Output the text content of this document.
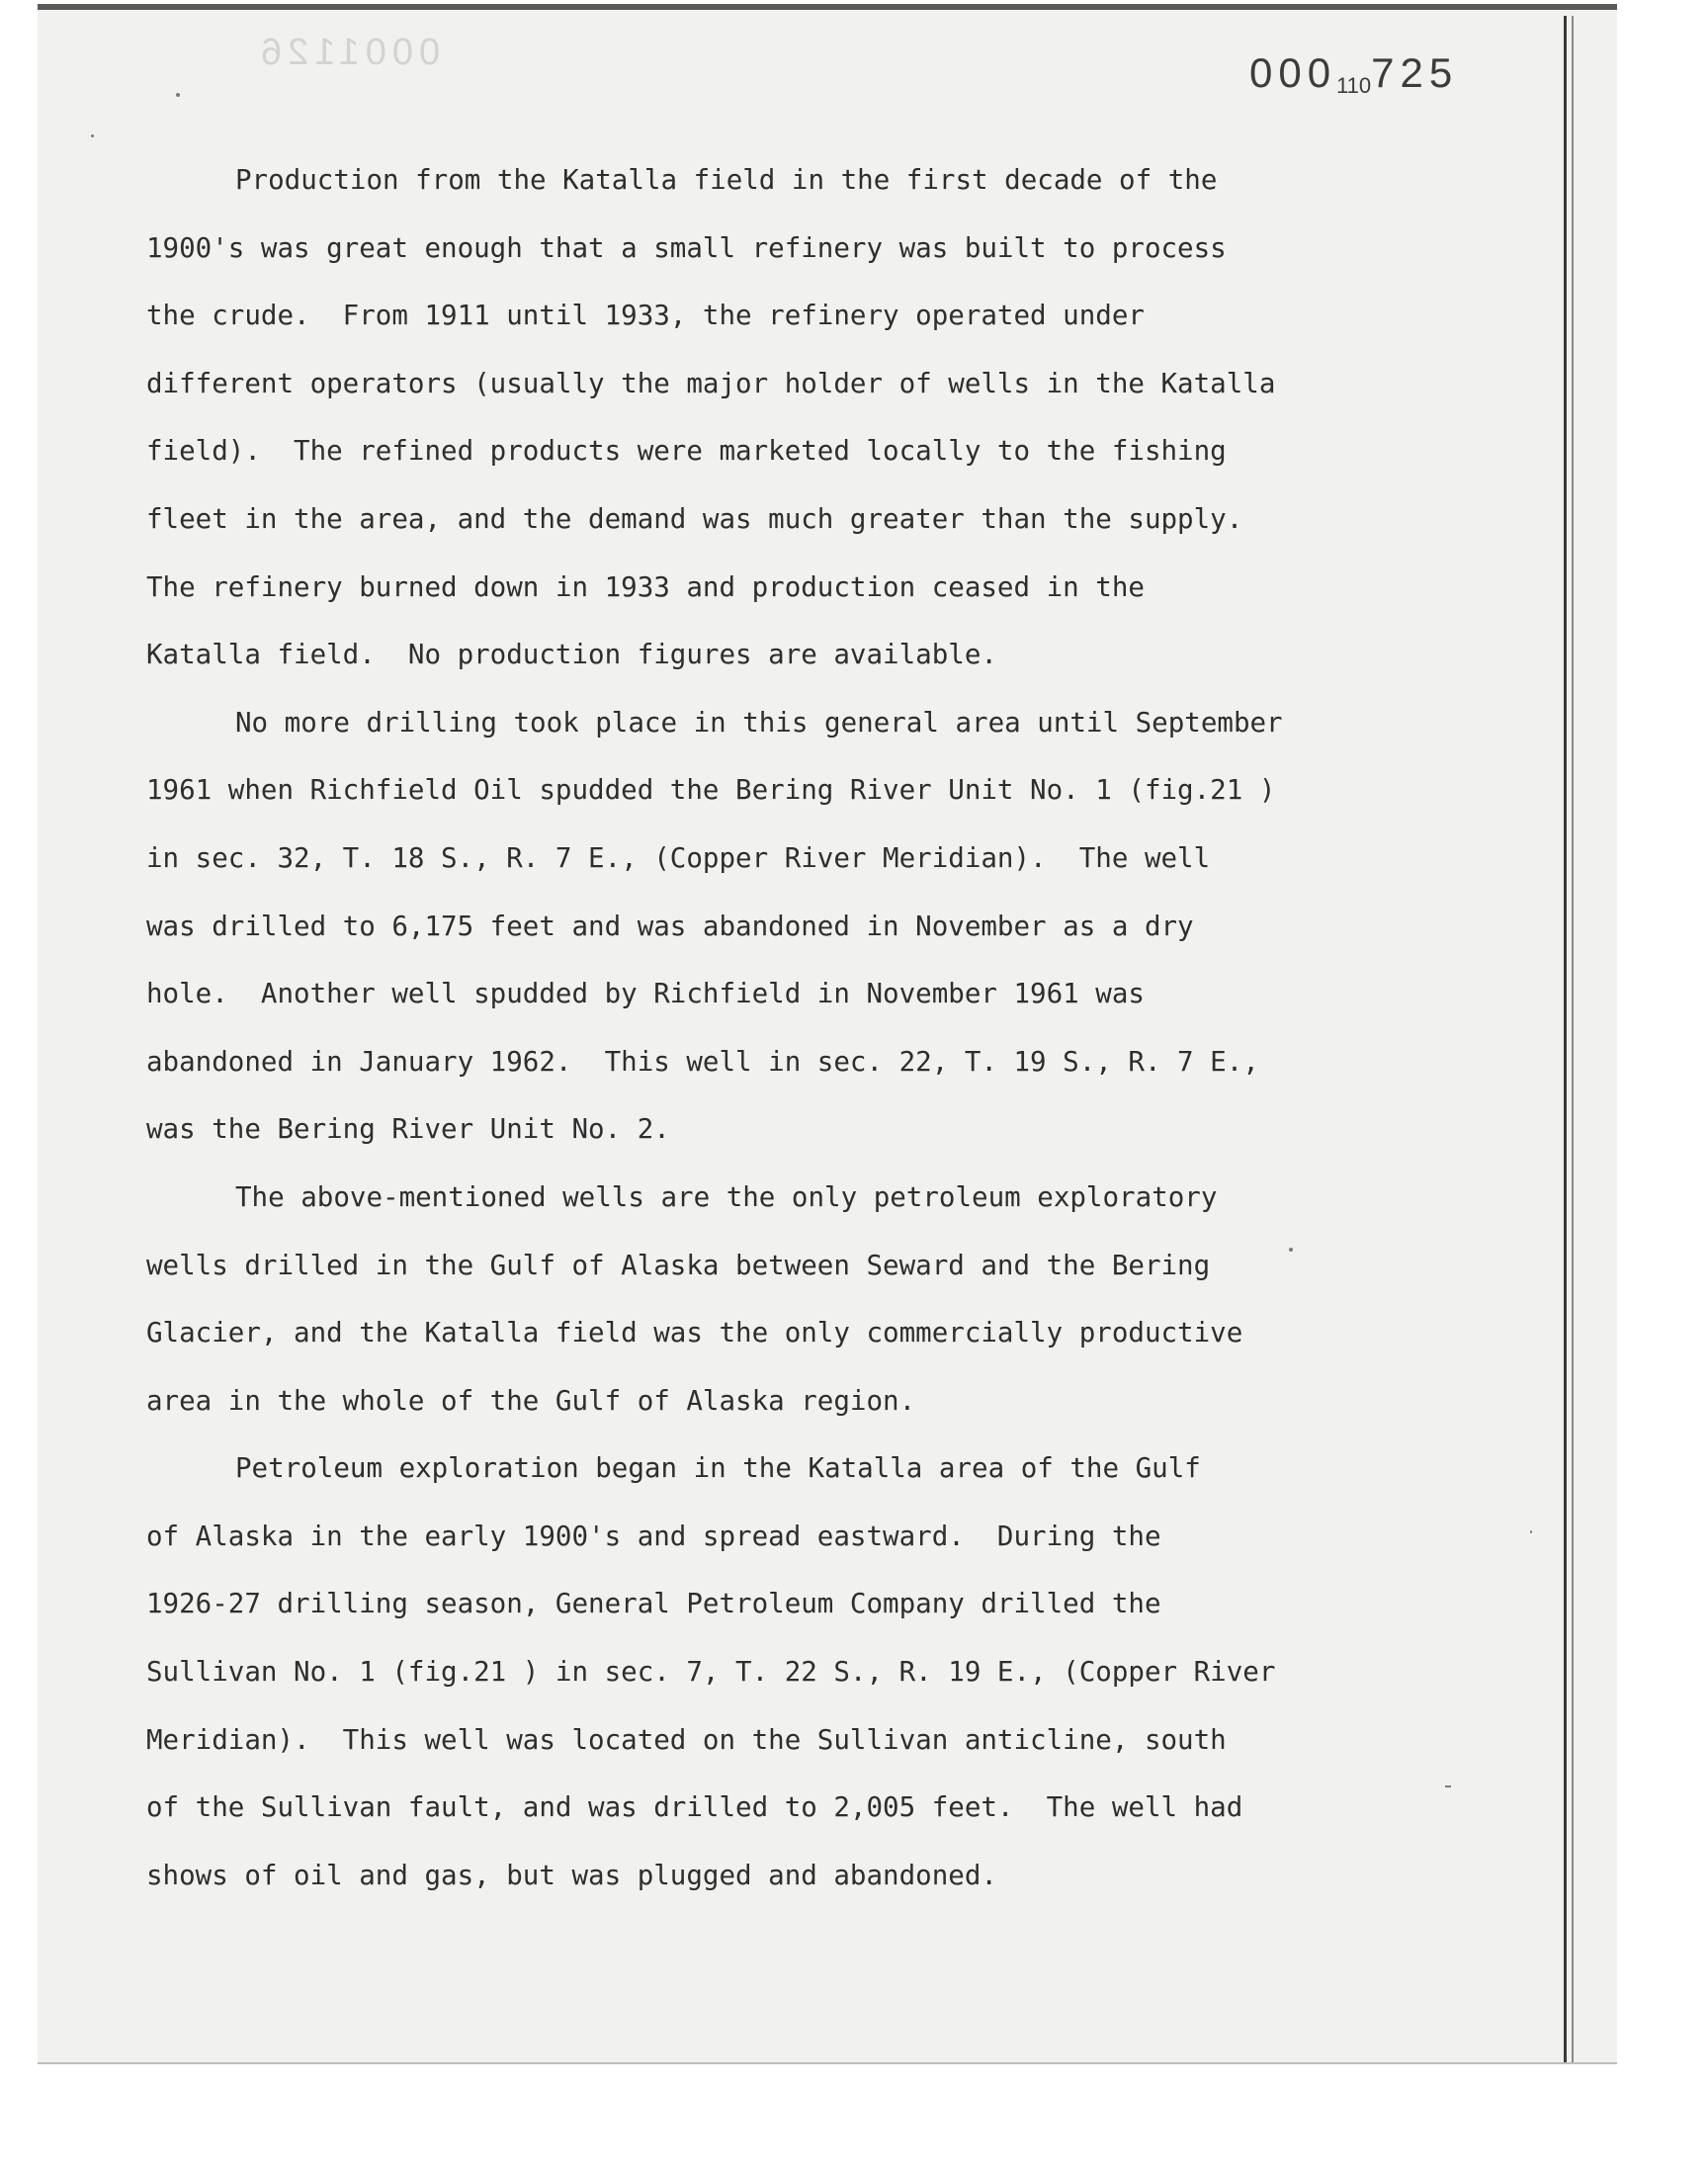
0001126	000110725
Production from the Katalla field in the first decade of the
1900's was great enough that a small refinery was built to process
the crude.  From 1911 until 1933, the refinery operated under
different operators (usually the major holder of wells in the Katalla
field).  The refined products were marketed locally to the fishing
fleet in the area, and the demand was much greater than the supply.
The refinery burned down in 1933 and production ceased in the
Katalla field.  No production figures are available.
No more drilling took place in this general area until September
1961 when Richfield Oil spudded the Bering River Unit No. 1 (fig.21 )
in sec. 32, T. 18 S., R. 7 E., (Copper River Meridian).  The well
was drilled to 6,175 feet and was abandoned in November as a dry
hole.  Another well spudded by Richfield in November 1961 was
abandoned in January 1962.  This well in sec. 22, T. 19 S., R. 7 E.,
was the Bering River Unit No. 2.
The above-mentioned wells are the only petroleum exploratory
wells drilled in the Gulf of Alaska between Seward and the Bering
Glacier, and the Katalla field was the only commercially productive
area in the whole of the Gulf of Alaska region.
Petroleum exploration began in the Katalla area of the Gulf
of Alaska in the early 1900's and spread eastward.  During the
1926-27 drilling season, General Petroleum Company drilled the
Sullivan No. 1 (fig.21 ) in sec. 7, T. 22 S., R. 19 E., (Copper River
Meridian).  This well was located on the Sullivan anticline, south
of the Sullivan fault, and was drilled to 2,005 feet.  The well had
shows of oil and gas, but was plugged and abandoned.
